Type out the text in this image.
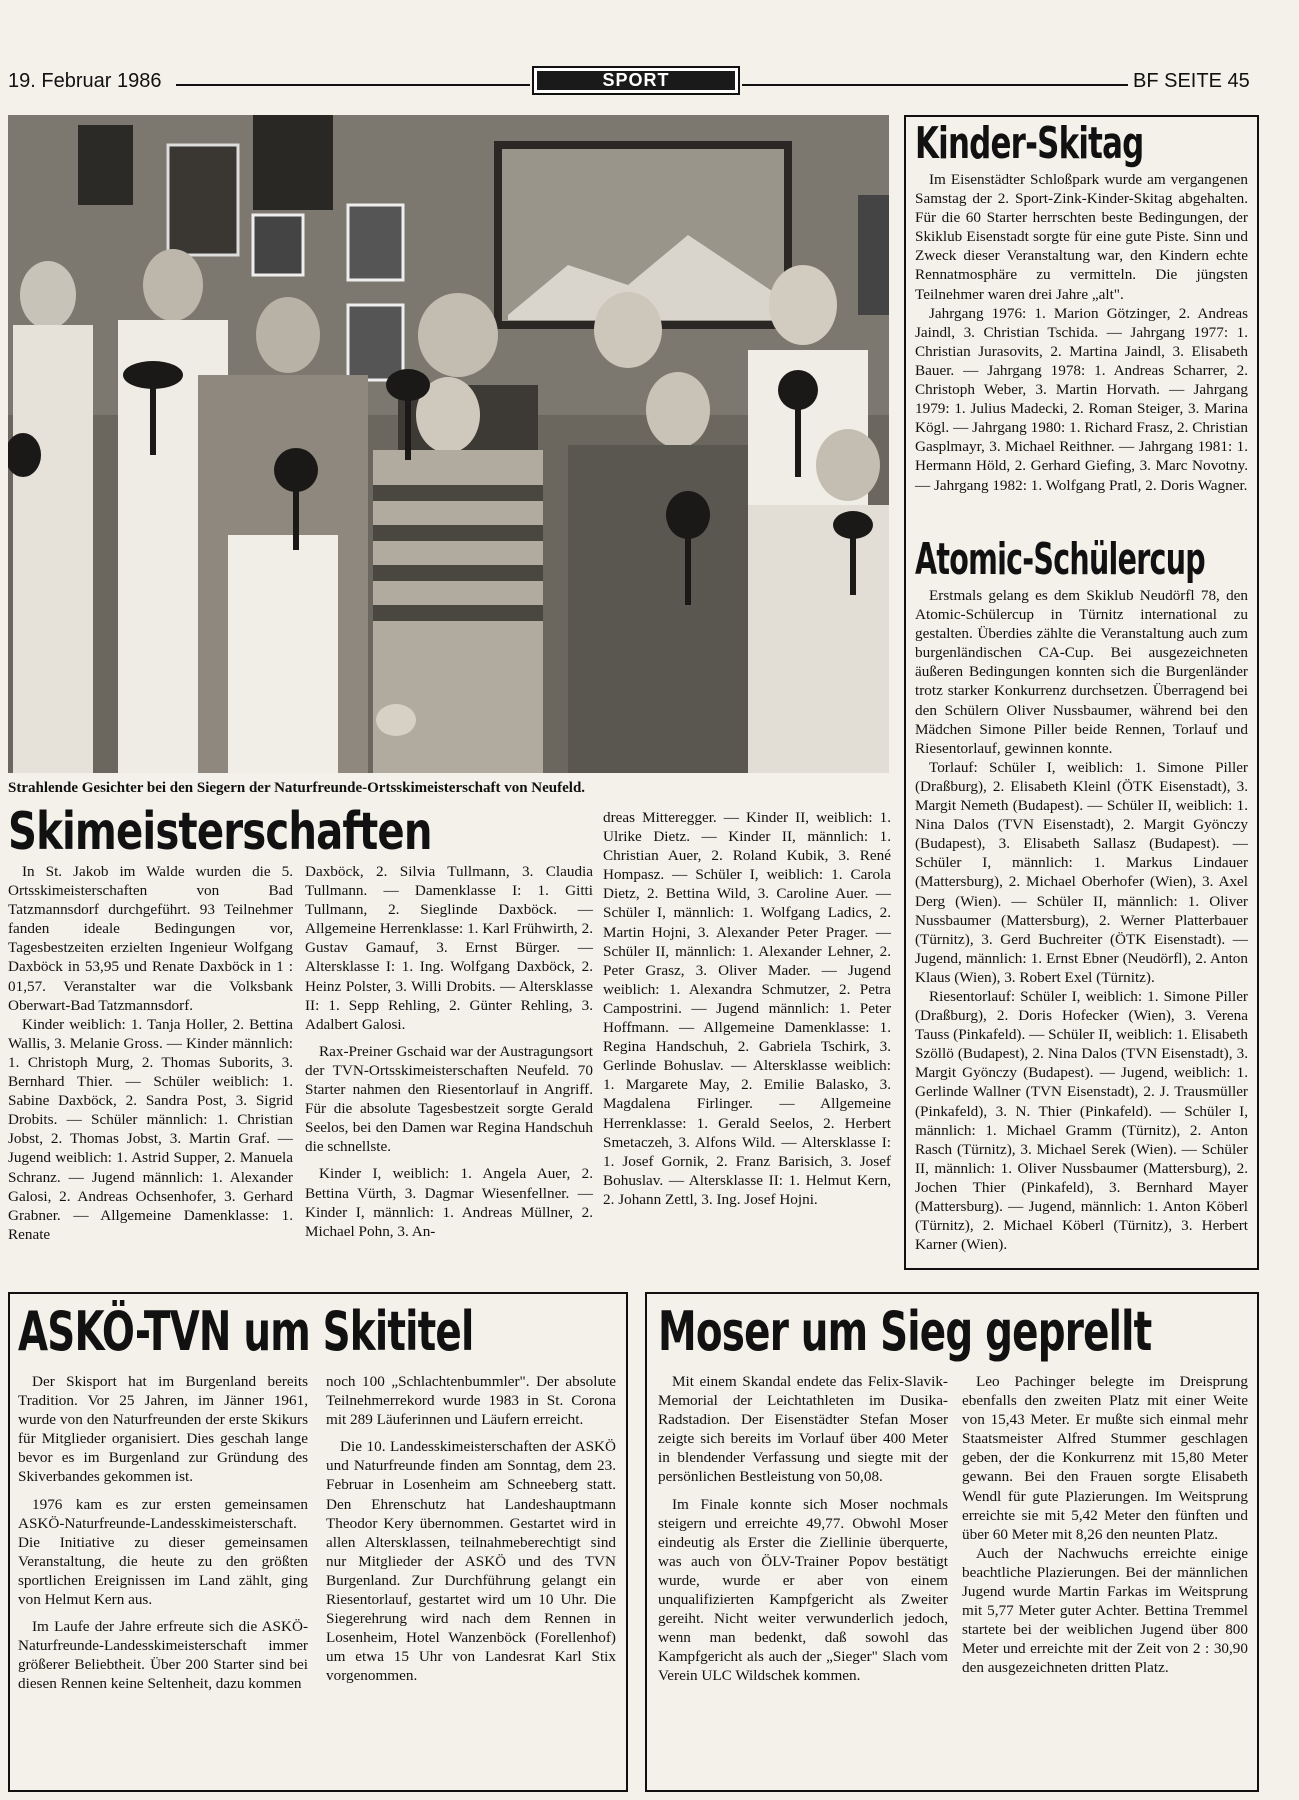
19. Februar 1986	SPORT	BF SEITE 45
Strahlende Gesichter bei den Siegern der Naturfreunde-Ortsskimeisterschaft von Neufeld.
Skimeisterschaften

In St. Jakob im Walde wurden die 5. Ortsskimeisterschaften von Bad Tatzmannsdorf durchgeführt. 93 Teilnehmer fanden ideale Bedingungen vor, Tagesbestzeiten erzielten Ingenieur Wolfgang Daxböck in 53,95 und Renate Daxböck in 1 : 01,57. Veranstalter war die Volksbank Oberwart-Bad Tatzmannsdorf.

Kinder weiblich: 1. Tanja Holler, 2. Bettina Wallis, 3. Melanie Gross. — Kinder männlich: 1. Christoph Murg, 2. Thomas Suborits, 3. Bernhard Thier. — Schüler weiblich: 1. Sabine Daxböck, 2. Sandra Post, 3. Sigrid Drobits. — Schüler männlich: 1. Christian Jobst, 2. Thomas Jobst, 3. Martin Graf. — Jugend weiblich: 1. Astrid Supper, 2. Manuela Schranz. — Jugend männlich: 1. Alexander Galosi, 2. Andreas Ochsenhofer, 3. Gerhard Grabner. — Allgemeine Damenklasse: 1. Renate

Daxböck, 2. Silvia Tullmann, 3. Claudia Tullmann. — Damenklasse I: 1. Gitti Tullmann, 2. Sieglinde Daxböck. — Allgemeine Herrenklasse: 1. Karl Frühwirth, 2. Gustav Gamauf, 3. Ernst Bürger. — Altersklasse I: 1. Ing. Wolfgang Daxböck, 2. Heinz Polster, 3. Willi Drobits. — Altersklasse II: 1. Sepp Rehling, 2. Günter Rehling, 3. Adalbert Galosi.

Rax-Preiner Gschaid war der Austragungsort der TVN-Ortsskimeisterschaften Neufeld. 70 Starter nahmen den Riesentorlauf in Angriff. Für die absolute Tagesbestzeit sorgte Gerald Seelos, bei den Damen war Regina Handschuh die schnellste.

Kinder I, weiblich: 1. Angela Auer, 2. Bettina Vürth, 3. Dagmar Wiesenfellner. — Kinder I, männlich: 1. Andreas Müllner, 2. Michael Pohn, 3. An-

dreas Mitteregger. — Kinder II, weiblich: 1. Ulrike Dietz. — Kinder II, männlich: 1. Christian Auer, 2. Roland Kubik, 3. René Hompasz. — Schüler I, weiblich: 1. Carola Dietz, 2. Bettina Wild, 3. Caroline Auer. — Schüler I, männlich: 1. Wolfgang Ladics, 2. Martin Hojni, 3. Alexander Peter Prager. — Schüler II, männlich: 1. Alexander Lehner, 2. Peter Grasz, 3. Oliver Mader. — Jugend weiblich: 1. Alexandra Schmutzer, 2. Petra Campostrini. — Jugend männlich: 1. Peter Hoffmann. — Allgemeine Damenklasse: 1. Regina Handschuh, 2. Gabriela Tschirk, 3. Gerlinde Bohuslav. — Altersklasse weiblich: 1. Margarete May, 2. Emilie Balasko, 3. Magdalena Firlinger. — Allgemeine Herrenklasse: 1. Gerald Seelos, 2. Herbert Smetaczeh, 3. Alfons Wild. — Altersklasse I: 1. Josef Gornik, 2. Franz Barisich, 3. Josef Bohuslav. — Altersklasse II: 1. Helmut Kern, 2. Johann Zettl, 3. Ing. Josef Hojni.

Kinder-Skitag

Im Eisenstädter Schloßpark wurde am vergangenen Samstag der 2. Sport-Zink-Kinder-Skitag abgehalten. Für die 60 Starter herrschten beste Bedingungen, der Skiklub Eisenstadt sorgte für eine gute Piste. Sinn und Zweck dieser Veranstaltung war, den Kindern echte Rennatmosphäre zu vermitteln. Die jüngsten Teilnehmer waren drei Jahre „alt".

Jahrgang 1976: 1. Marion Götzinger, 2. Andreas Jaindl, 3. Christian Tschida. — Jahrgang 1977: 1. Christian Jurasovits, 2. Martina Jaindl, 3. Elisabeth Bauer. — Jahrgang 1978: 1. Andreas Scharrer, 2. Christoph Weber, 3. Martin Horvath. — Jahrgang 1979: 1. Julius Madecki, 2. Roman Steiger, 3. Marina Kögl. — Jahrgang 1980: 1. Richard Frasz, 2. Christian Gasplmayr, 3. Michael Reithner. — Jahrgang 1981: 1. Hermann Höld, 2. Gerhard Giefing, 3. Marc Novotny. — Jahrgang 1982: 1. Wolfgang Pratl, 2. Doris Wagner.

Atomic-Schülercup

Erstmals gelang es dem Skiklub Neudörfl 78, den Atomic-Schülercup in Türnitz international zu gestalten. Überdies zählte die Veranstaltung auch zum burgenländischen CA-Cup. Bei ausgezeichneten äußeren Bedingungen konnten sich die Burgenländer trotz starker Konkurrenz durchsetzen. Überragend bei den Schülern Oliver Nussbaumer, während bei den Mädchen Simone Piller beide Rennen, Torlauf und Riesentorlauf, gewinnen konnte.

Torlauf: Schüler I, weiblich: 1. Simone Piller (Draßburg), 2. Elisabeth Kleinl (ÖTK Eisenstadt), 3. Margit Nemeth (Budapest). — Schüler II, weiblich: 1. Nina Dalos (TVN Eisenstadt), 2. Margit Gyönczy (Budapest), 3. Elisabeth Sallasz (Budapest). — Schüler I, männlich: 1. Markus Lindauer (Mattersburg), 2. Michael Oberhofer (Wien), 3. Axel Derg (Wien). — Schüler II, männlich: 1. Oliver Nussbaumer (Mattersburg), 2. Werner Platterbauer (Türnitz), 3. Gerd Buchreiter (ÖTK Eisenstadt). — Jugend, männlich: 1. Ernst Ebner (Neudörfl), 2. Anton Klaus (Wien), 3. Robert Exel (Türnitz).

Riesentorlauf: Schüler I, weiblich: 1. Simone Piller (Draßburg), 2. Doris Hofecker (Wien), 3. Verena Tauss (Pinkafeld). — Schüler II, weiblich: 1. Elisabeth Szöllö (Budapest), 2. Nina Dalos (TVN Eisenstadt), 3. Margit Gyönczy (Budapest). — Jugend, weiblich: 1. Gerlinde Wallner (TVN Eisenstadt), 2. J. Trausmüller (Pinkafeld), 3. N. Thier (Pinkafeld). — Schüler I, männlich: 1. Michael Gramm (Türnitz), 2. Anton Rasch (Türnitz), 3. Michael Serek (Wien). — Schüler II, männlich: 1. Oliver Nussbaumer (Mattersburg), 2. Jochen Thier (Pinkafeld), 3. Bernhard Mayer (Mattersburg). — Jugend, männlich: 1. Anton Köberl (Türnitz), 2. Michael Köberl (Türnitz), 3. Herbert Karner (Wien).

ASKÖ-TVN um Skititel

Der Skisport hat im Burgenland bereits Tradition. Vor 25 Jahren, im Jänner 1961, wurde von den Naturfreunden der erste Skikurs für Mitglieder organisiert. Dies geschah lange bevor es im Burgenland zur Gründung des Skiverbandes gekommen ist.

1976 kam es zur ersten gemeinsamen ASKÖ-Naturfreunde-Landesskimeisterschaft. Die Initiative zu dieser gemeinsamen Veranstaltung, die heute zu den größten sportlichen Ereignissen im Land zählt, ging von Helmut Kern aus.

Im Laufe der Jahre erfreute sich die ASKÖ-Naturfreunde-Landesskimeisterschaft immer größerer Beliebtheit. Über 200 Starter sind bei diesen Rennen keine Seltenheit, dazu kommen

noch 100 „Schlachtenbummler". Der absolute Teilnehmerrekord wurde 1983 in St. Corona mit 289 Läuferinnen und Läufern erreicht.

Die 10. Landesskimeisterschaften der ASKÖ und Naturfreunde finden am Sonntag, dem 23. Februar in Losenheim am Schneeberg statt. Den Ehrenschutz hat Landeshauptmann Theodor Kery übernommen. Gestartet wird in allen Altersklassen, teilnahmeberechtigt sind nur Mitglieder der ASKÖ und des TVN Burgenland. Zur Durchführung gelangt ein Riesentorlauf, gestartet wird um 10 Uhr. Die Siegerehrung wird nach dem Rennen in Losenheim, Hotel Wanzenböck (Forellenhof) um etwa 15 Uhr von Landesrat Karl Stix vorgenommen.

Moser um Sieg geprellt

Mit einem Skandal endete das Felix-Slavik-Memorial der Leichtathleten im Dusika-Radstadion. Der Eisenstädter Stefan Moser zeigte sich bereits im Vorlauf über 400 Meter in blendender Verfassung und siegte mit der persönlichen Bestleistung von 50,08.

Im Finale konnte sich Moser nochmals steigern und erreichte 49,77. Obwohl Moser eindeutig als Erster die Ziellinie überquerte, was auch von ÖLV-Trainer Popov bestätigt wurde, wurde er aber von einem unqualifizierten Kampfgericht als Zweiter gereiht. Nicht weiter verwunderlich jedoch, wenn man bedenkt, daß sowohl das Kampfgericht als auch der „Sieger" Slach vom Verein ULC Wildschek kommen.

Leo Pachinger belegte im Dreisprung ebenfalls den zweiten Platz mit einer Weite von 15,43 Meter. Er mußte sich einmal mehr Staatsmeister Alfred Stummer geschlagen geben, der die Konkurrenz mit 15,80 Meter gewann. Bei den Frauen sorgte Elisabeth Wendl für gute Plazierungen. Im Weitsprung erreichte sie mit 5,42 Meter den fünften und über 60 Meter mit 8,26 den neunten Platz.

Auch der Nachwuchs erreichte einige beachtliche Plazierungen. Bei der männlichen Jugend wurde Martin Farkas im Weitsprung mit 5,77 Meter guter Achter. Bettina Tremmel startete bei der weiblichen Jugend über 800 Meter und erreichte mit der Zeit von 2 : 30,90 den ausgezeichneten dritten Platz.
